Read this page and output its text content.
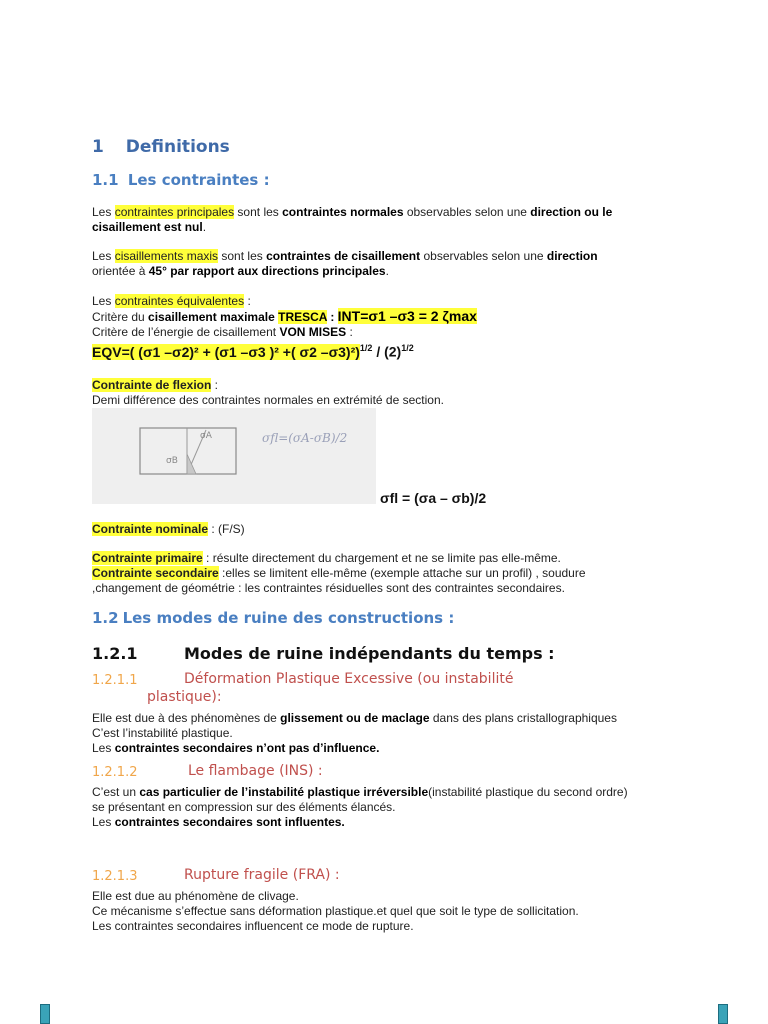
1 Definitions
1.1 Les contraintes :
Les contraintes principales sont les contraintes normales observables selon une direction ou le
cisaillement est nul.
Les cisaillements maxis sont les contraintes de cisaillement observables selon une direction
orientée à 45° par rapport aux directions principales.
Les contraintes équivalentes :
Critère du cisaillement maximale TRESCA : INT=σ1 –σ3 = 2 ζmax
Critère de l’énergie de cisaillement VON MISES :
EQV=( (σ1 –σ2)² + (σ1 –σ3 )² +( σ2 $-\sigma 3)^2)^{1/2} / (2)^{1/2}$
Contrainte de flexion :
Demi différence des contraintes normales en extrémité de section.
σA
σB
σfl=(σA-σB)/2
σfl = (σa – σb)/2
Contrainte nominale : (F/S)
Contrainte primaire : résulte directement du chargement et ne se limite pas elle-même.
Contrainte secondaire :elles se limitent elle-même (exemple attache sur un profil) , soudure
,changement de géométrie : les contraintes résiduelles sont des contraintes secondaires.
1.2 Les modes de ruine des constructions :
1.2.1	Modes de ruine indépendants du temps :
1.2.1.1	Déformation Plastique Excessive (ou instabilité
plastique):
Elle est due à des phénomènes de glissement ou de maclage dans des plans cristallographiques
C’est l’instabilité plastique.
Les contraintes secondaires n’ont pas d’influence.
1.2.1.2	Le flambage (INS) :
C’est un cas particulier de l’instabilité plastique irréversible(instabilité plastique du second ordre)
se présentant en compression sur des éléments élancés.
Les contraintes secondaires sont influentes.
1.2.1.3	Rupture fragile (FRA) :
Elle est due au phénomène de clivage.
Ce mécanisme s’effectue sans déformation plastique.et quel que soit le type de sollicitation.
Les contraintes secondaires influencent ce mode de rupture.
